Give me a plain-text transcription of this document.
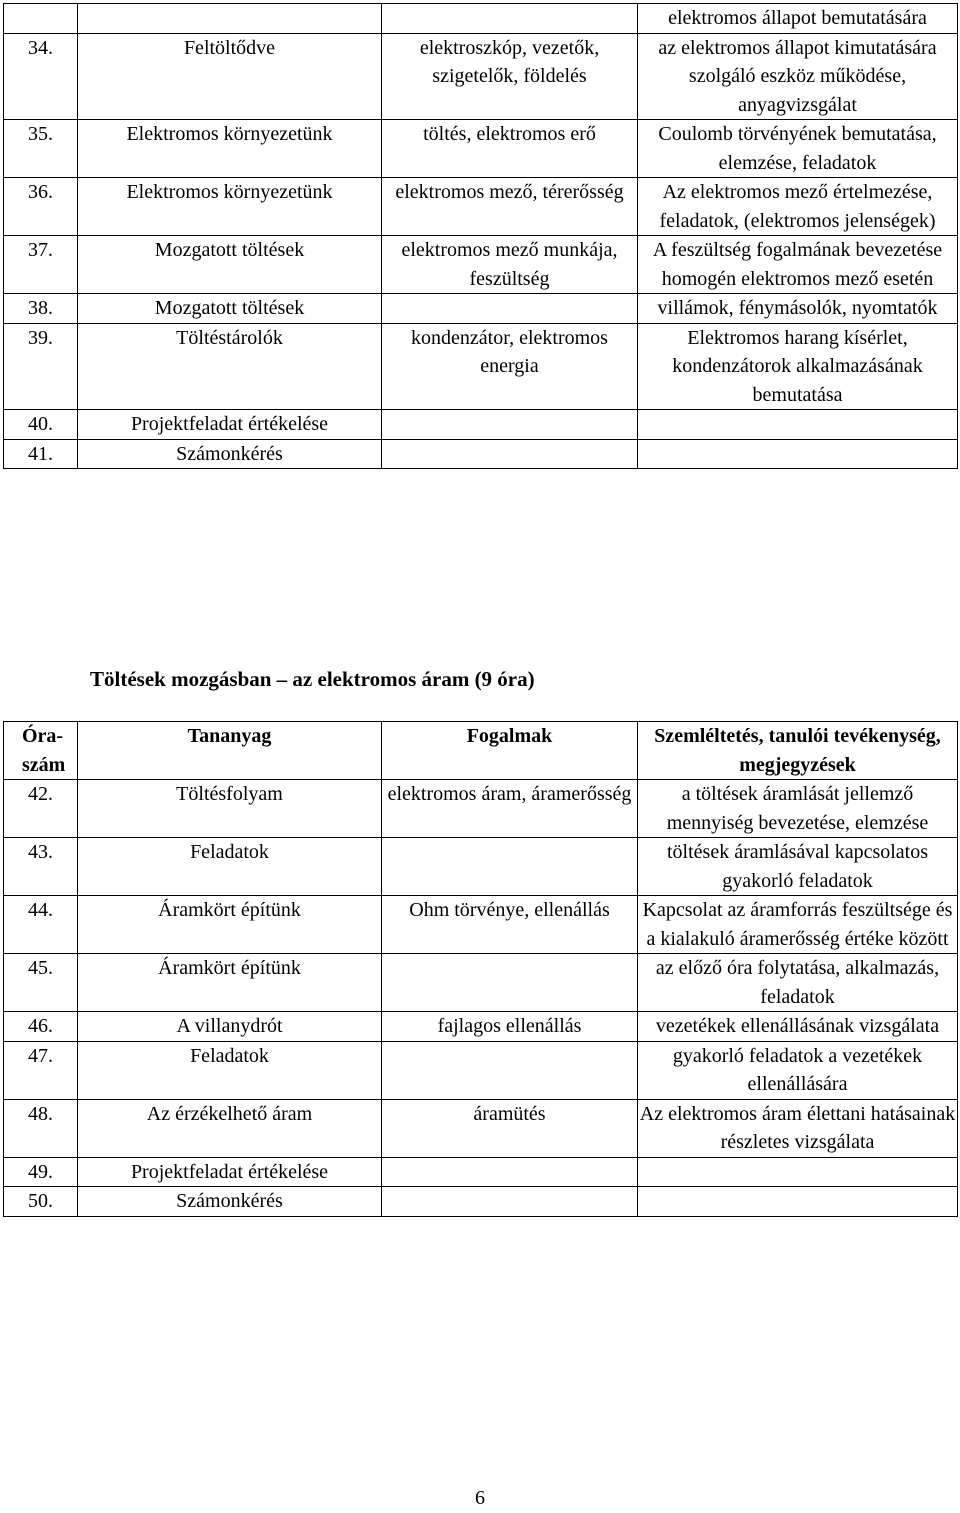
			elektromos állapot bemutatására
34.	Feltöltődve	elektroszkóp, vezetők, szigetelők, földelés	az elektromos állapot kimutatására szolgáló eszköz működése, anyagvizsgálat
35.	Elektromos környezetünk	töltés, elektromos erő	Coulomb törvényének bemutatása, elemzése, feladatok
36.	Elektromos környezetünk	elektromos mező, térerősség	Az elektromos mező értelmezése, feladatok, (elektromos jelenségek)
37.	Mozgatott töltések	elektromos mező munkája, feszültség	A feszültség fogalmának bevezetése homogén elektromos mező esetén
38.	Mozgatott töltések		villámok, fénymásolók, nyomtatók
39.	Töltéstárolók	kondenzátor, elektromos energia	Elektromos harang kísérlet, kondenzátorok alkalmazásának bemutatása
40.	Projektfeladat értékelése		
41.	Számonkérés		
Töltések mozgásban – az elektromos áram (9 óra)
Óra-szám	Tananyag	Fogalmak	Szemléltetés, tanulói tevékenység, megjegyzések
42.	Töltésfolyam	elektromos áram, áramerősség	a töltések áramlását jellemző mennyiség bevezetése, elemzése
43.	Feladatok		töltések áramlásával kapcsolatos gyakorló feladatok
44.	Áramkört építünk	Ohm törvénye, ellenállás	Kapcsolat az áramforrás feszültsége és a kialakuló áramerősség értéke között
45.	Áramkört építünk		az előző óra folytatása, alkalmazás, feladatok
46.	A villanydrót	fajlagos ellenállás	vezetékek ellenállásának vizsgálata
47.	Feladatok		gyakorló feladatok a vezetékek ellenállására
48.	Az érzékelhető áram	áramütés	Az elektromos áram élettani hatásainak részletes vizsgálata
49.	Projektfeladat értékelése		
50.	Számonkérés		
6
